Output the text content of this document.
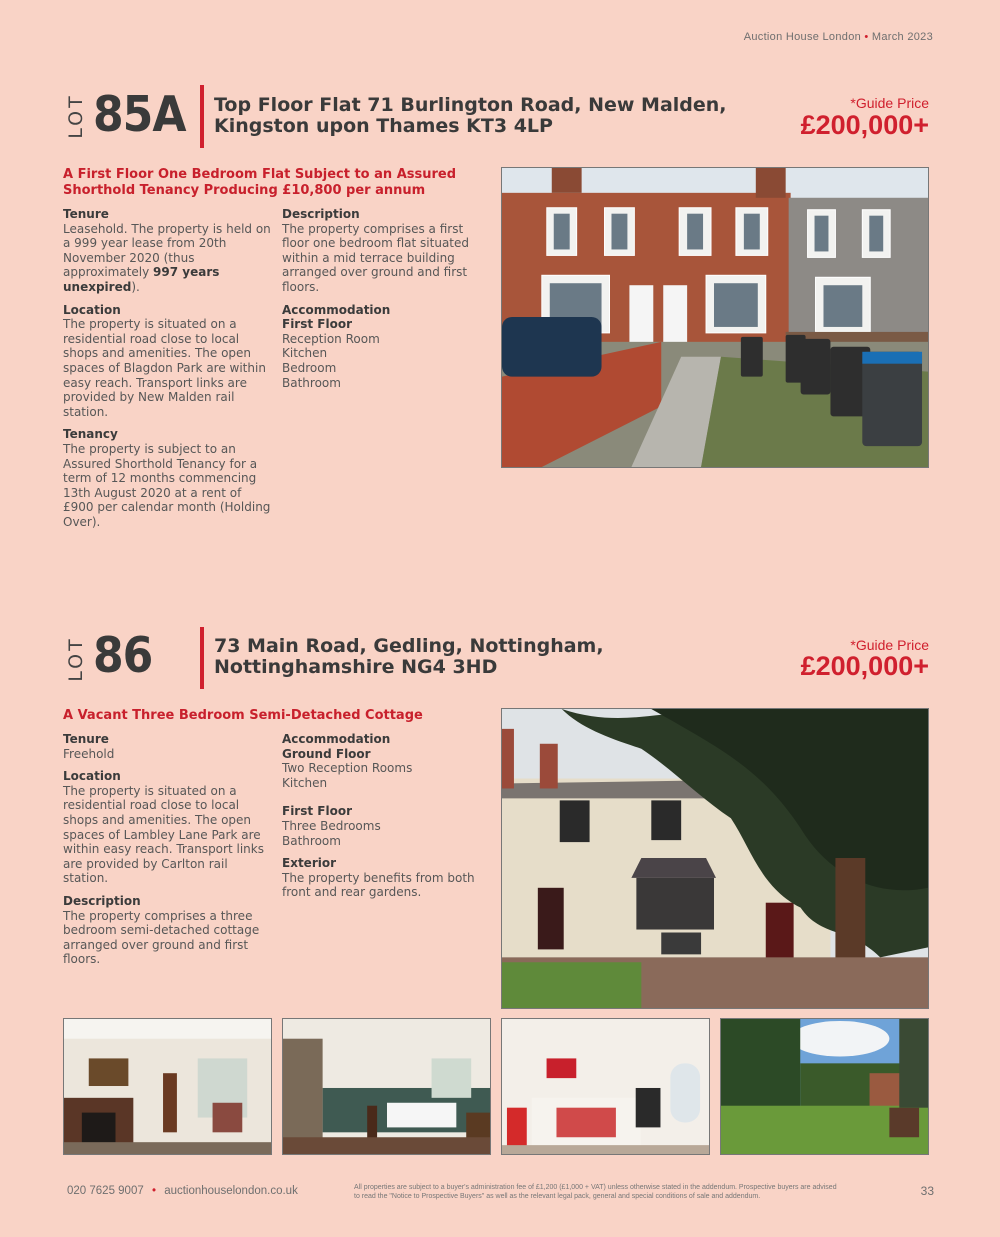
Auction House London • March 2023
LOT 85A Top Floor Flat 71 Burlington Road, New Malden,
Kingston upon Thames KT3 4LP
*Guide Price
£200,000+
A First Floor One Bedroom Flat Subject to an Assured Shorthold Tenancy Producing £10,800 per annum
Tenure

Leasehold. The property is held on a 999 year lease from 20th November 2020 (thus approximately 997 years unexpired).

Location

The property is situated on a residential road close to local shops and amenities. The open spaces of Blagdon Park are within easy reach. Transport links are provided by New Malden rail station.

Tenancy

The property is subject to an Assured Shorthold Tenancy for a term of 12 months commencing 13th August 2020 at a rent of £900 per calendar month (Holding Over).

Description

The property comprises a first floor one bedroom flat situated within a mid terrace building arranged over ground and first floors.

Accommodation
First Floor
Reception Room
Kitchen
Bedroom
Bathroom
LOT 86	73 Main Road, Gedling, Nottingham,
Nottinghamshire NG4 3HD
*Guide Price
£200,000+
A Vacant Three Bedroom Semi-Detached Cottage
Tenure

Freehold

Location

The property is situated on a residential road close to local shops and amenities. The open spaces of Lambley Lane Park are within easy reach. Transport links are provided by Carlton rail station.

Description

The property comprises a three bedroom semi-detached cottage arranged over ground and first floors.

Accommodation
Ground Floor
Two Reception Rooms
Kitchen
First Floor
Three Bedrooms
Bathroom
Exterior

The property benefits from both front and rear gardens.

020 7625 9007 • auctionhouselondon.co.uk	All properties are subject to a buyer's administration fee of £1,200 (£1,000 + VAT) unless otherwise stated in the addendum. Prospective buyers are advised to read the "Notice to Prospective Buyers" as well as the relevant legal pack, general and special conditions of sale and addendum.	33
